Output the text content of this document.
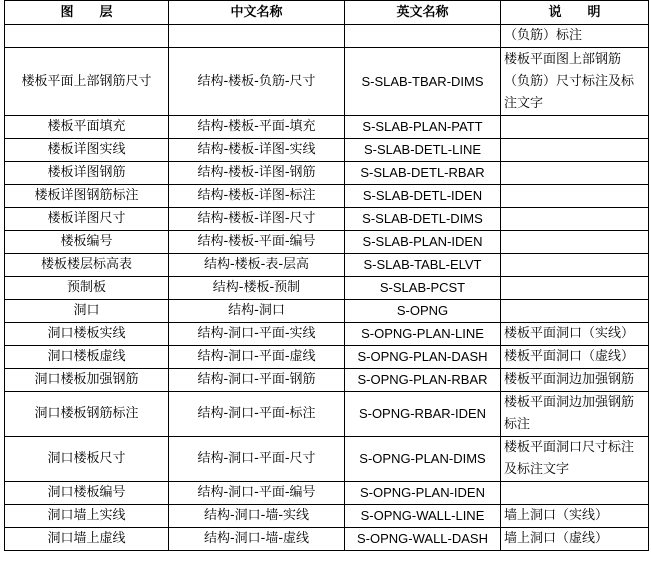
图　　层	中文名称	英文名称	说　　明
			（负筋）标注
楼板平面上部钢筋尺寸	结构-楼板-负筋-尺寸	S-SLAB-TBAR-DIMS	楼板平面图上部钢筋（负筋）尺寸标注及标注文字
楼板平面填充	结构-楼板-平面-填充	S-SLAB-PLAN-PATT	
楼板详图实线	结构-楼板-详图-实线	S-SLAB-DETL-LINE	
楼板详图钢筋	结构-楼板-详图-钢筋	S-SLAB-DETL-RBAR	
楼板详图钢筋标注	结构-楼板-详图-标注	S-SLAB-DETL-IDEN	
楼板详图尺寸	结构-楼板-详图-尺寸	S-SLAB-DETL-DIMS	
楼板编号	结构-楼板-平面-编号	S-SLAB-PLAN-IDEN	
楼板楼层标高表	结构-楼板-表-层高	S-SLAB-TABL-ELVT	
预制板	结构-楼板-预制	S-SLAB-PCST	
洞口	结构-洞口	S-OPNG	
洞口楼板实线	结构-洞口-平面-实线	S-OPNG-PLAN-LINE	楼板平面洞口（实线）
洞口楼板虚线	结构-洞口-平面-虚线	S-OPNG-PLAN-DASH	楼板平面洞口（虚线）
洞口楼板加强钢筋	结构-洞口-平面-钢筋	S-OPNG-PLAN-RBAR	楼板平面洞边加强钢筋
洞口楼板钢筋标注	结构-洞口-平面-标注	S-OPNG-RBAR-IDEN	楼板平面洞边加强钢筋标注
洞口楼板尺寸	结构-洞口-平面-尺寸	S-OPNG-PLAN-DIMS	楼板平面洞口尺寸标注及标注文字
洞口楼板编号	结构-洞口-平面-编号	S-OPNG-PLAN-IDEN	
洞口墙上实线	结构-洞口-墙-实线	S-OPNG-WALL-LINE	墙上洞口（实线）
洞口墙上虚线	结构-洞口-墙-虚线	S-OPNG-WALL-DASH	墙上洞口（虚线）
